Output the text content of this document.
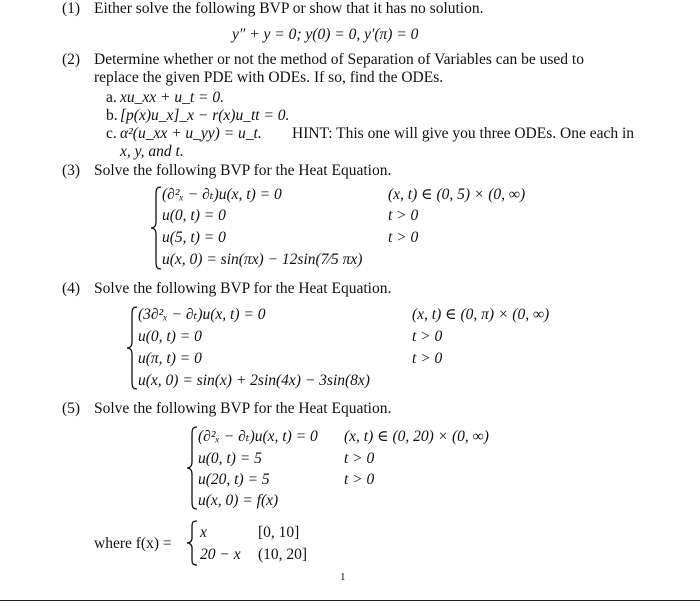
(1) Either solve the following BVP or show that it has no solution.
y″ + y = 0; y(0) = 0, y′(π) = 0
(2) Determine whether or not the method of Separation of Variables can be used to
replace the given PDE with ODEs. If so, find the ODEs.
a. xu_xx + u_t = 0.
b. [p(x)u_x]_x − r(x)u_tt = 0.
c. α²(u_xx + u_yy) = u_t. HINT: This one will give you three ODEs. One each in
x, y, and t.
(3) Solve the following BVP for the Heat Equation.
(∂²ₓ − ∂ₜ)u(x, t) = 0	(x, t) ∈ (0, 5) × (0, ∞)
u(0, t) = 0	t > 0
u(5, t) = 0	t > 0
u(x, 0) = sin(πx) − 12sin(7⁄5 πx)
(4) Solve the following BVP for the Heat Equation.
(3∂²ₓ − ∂ₜ)u(x, t) = 0	(x, t) ∈ (0, π) × (0, ∞)
u(0, t) = 0	t > 0
u(π, t) = 0	t > 0
u(x, 0) = sin(x) + 2sin(4x) − 3sin(8x)
(5) Solve the following BVP for the Heat Equation.
(∂²ₓ − ∂ₜ)u(x, t) = 0 (x, t) ∈ (0, 20) × (0, ∞)
u(0, t) = 5	t > 0
u(20, t) = 5	t > 0
u(x, 0) = f(x)
where f(x) =
x	[0, 10]
20 − x (10, 20]
1
